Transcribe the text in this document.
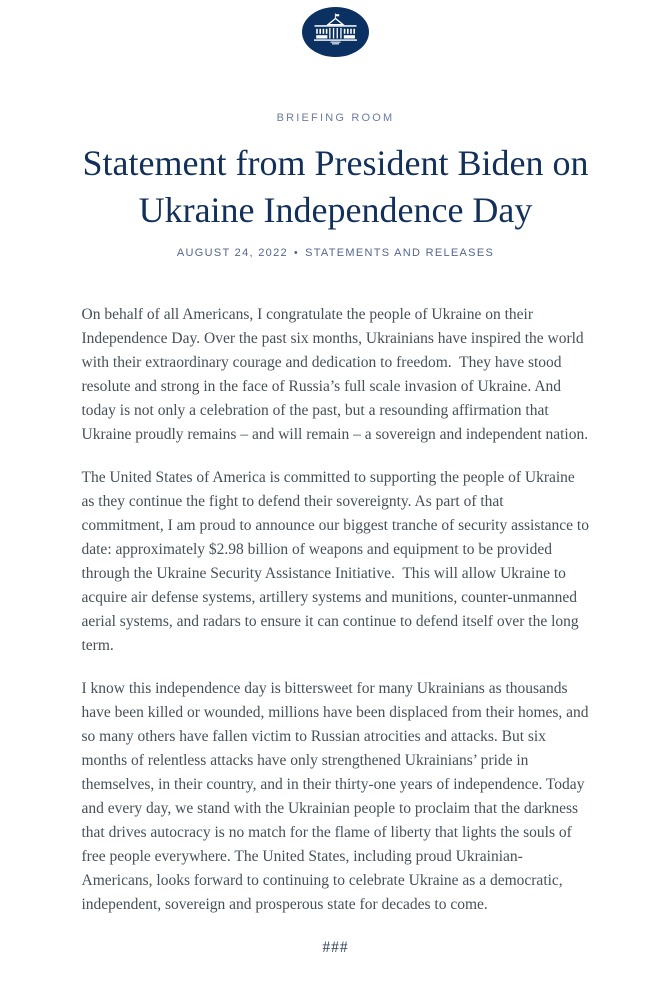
BRIEFING ROOM
Statement from President Biden on Ukraine Independence Day
AUGUST 24, 2022 • STATEMENTS AND RELEASES

On behalf of all Americans, I congratulate the people of Ukraine on their Independence Day. Over the past six months, Ukrainians have inspired the world with their extraordinary courage and dedication to freedom.  They have stood resolute and strong in the face of Russia’s full scale invasion of Ukraine. And today is not only a celebration of the past, but a resounding affirmation that Ukraine proudly remains – and will remain – a sovereign and independent nation.

The United States of America is committed to supporting the people of Ukraine as they continue the fight to defend their sovereignty. As part of that commitment, I am proud to announce our biggest tranche of security assistance to date: approximately $2.98 billion of weapons and equipment to be provided through the Ukraine Security Assistance Initiative.  This will allow Ukraine to acquire air defense systems, artillery systems and munitions, counter-unmanned aerial systems, and radars to ensure it can continue to defend itself over the long term.

I know this independence day is bittersweet for many Ukrainians as thousands have been killed or wounded, millions have been displaced from their homes, and so many others have fallen victim to Russian atrocities and attacks. But six months of relentless attacks have only strengthened Ukrainians’ pride in themselves, in their country, and in their thirty-one years of independence. Today and every day, we stand with the Ukrainian people to proclaim that the darkness that drives autocracy is no match for the flame of liberty that lights the souls of free people everywhere. The United States, including proud Ukrainian-Americans, looks forward to continuing to celebrate Ukraine as a democratic, independent, sovereign and prosperous state for decades to come.

###
